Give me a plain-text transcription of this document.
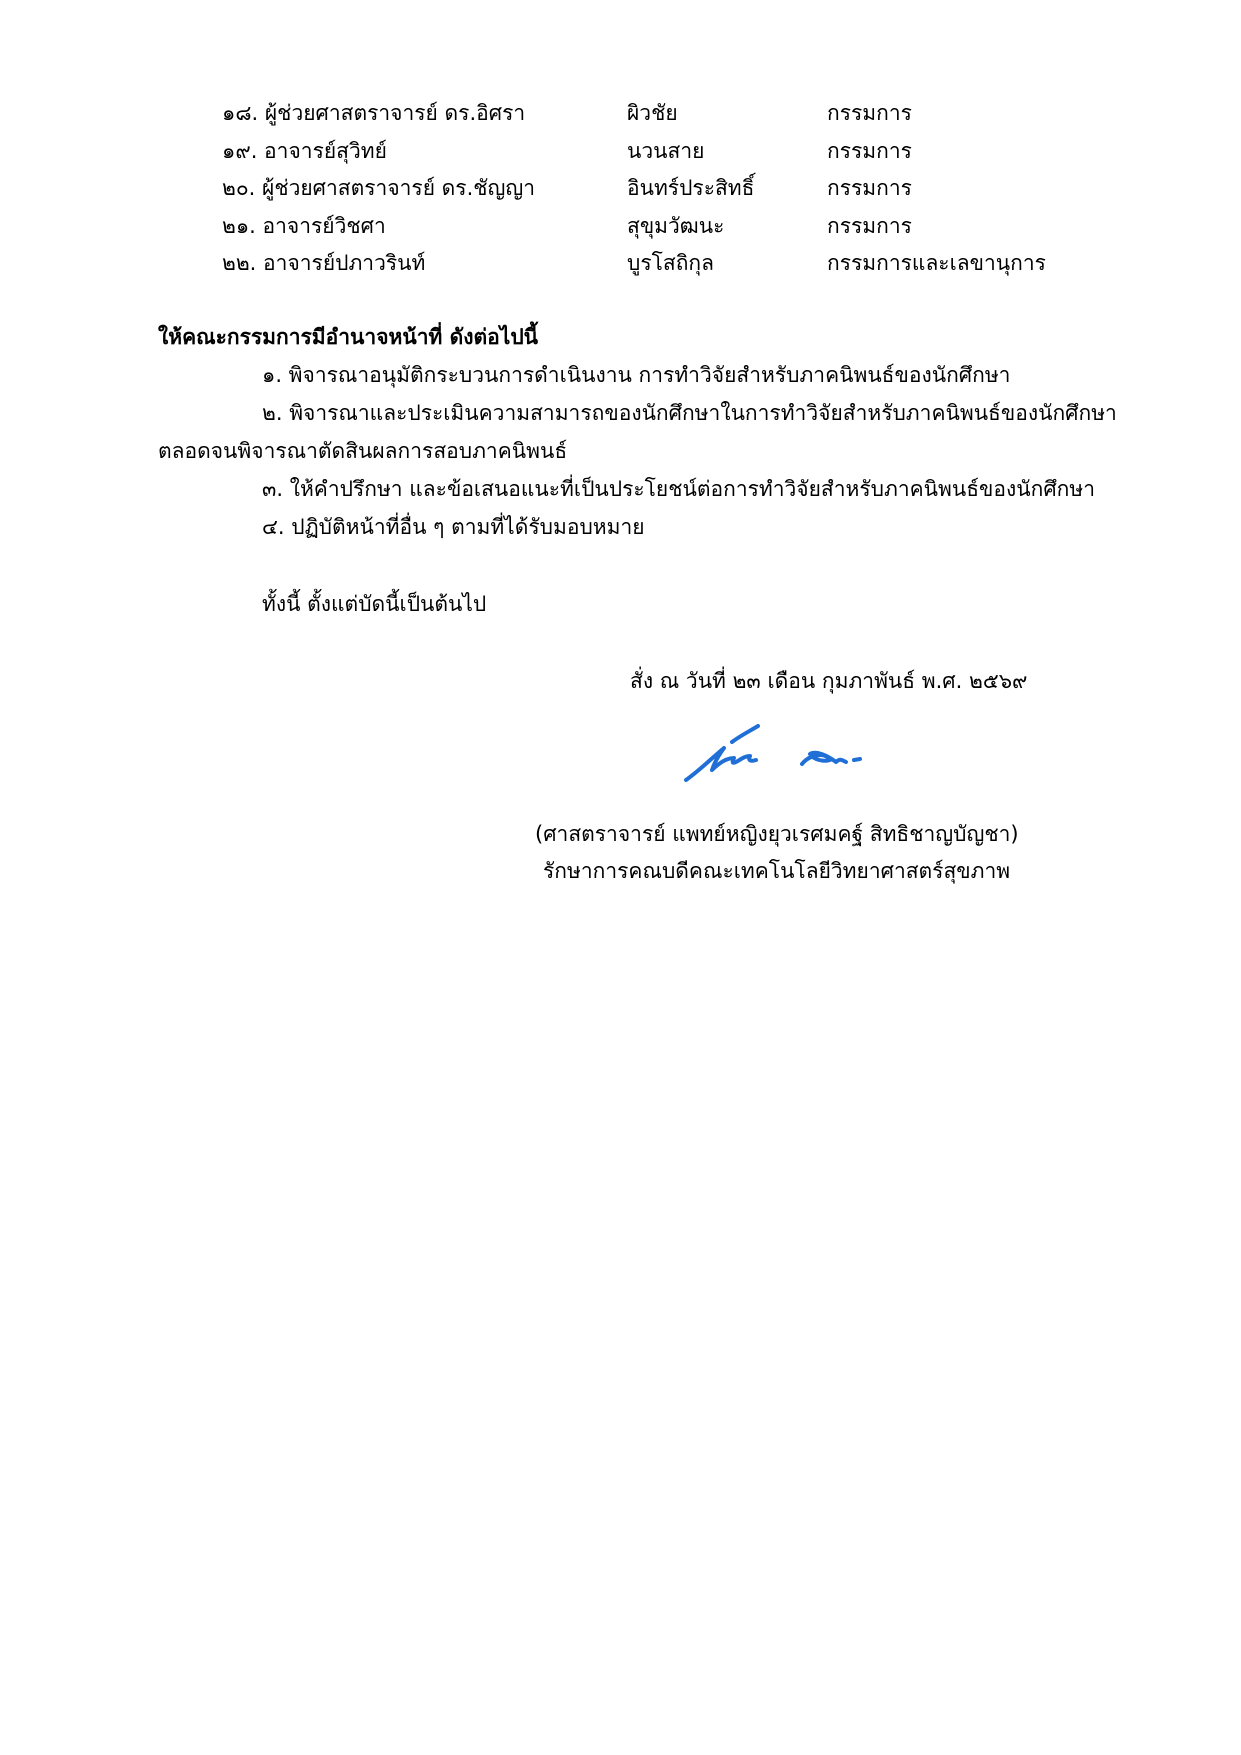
๑๘. ผู้ช่วยศาสตราจารย์ ดร.อิศรา	ผิวชัย	กรรมการ
๑๙. อาจารย์สุวิทย์	นวนสาย	กรรมการ
๒๐. ผู้ช่วยศาสตราจารย์ ดร.ชัญญา	อินทร์ประสิทธิ์	กรรมการ
๒๑. อาจารย์วิชศา	สุขุมวัฒนะ	กรรมการ
๒๒. อาจารย์ปภาวรินท์	บูรโสถิกุล	กรรมการและเลขานุการ
ให้คณะกรรมการมีอำนาจหน้าที่ ดังต่อไปนี้
๑. พิจารณาอนุมัติกระบวนการดำเนินงาน การทำวิจัยสำหรับภาคนิพนธ์ของนักศึกษา
๒. พิจารณาและประเมินความสามารถของนักศึกษาในการทำวิจัยสำหรับภาคนิพนธ์ของนักศึกษา
ตลอดจนพิจารณาตัดสินผลการสอบภาคนิพนธ์
๓. ให้คำปรึกษา และข้อเสนอแนะที่เป็นประโยชน์ต่อการทำวิจัยสำหรับภาคนิพนธ์ของนักศึกษา
๔. ปฏิบัติหน้าที่อื่น ๆ ตามที่ได้รับมอบหมาย
ทั้งนี้ ตั้งแต่บัดนี้เป็นต้นไป
สั่ง ณ วันที่ ๒๓ เดือน กุมภาพันธ์ พ.ศ. ๒๕๖๙
(ศาสตราจารย์ แพทย์หญิงยุวเรศมคฐ์ สิทธิชาญบัญชา)
รักษาการคณบดีคณะเทคโนโลยีวิทยาศาสตร์สุขภาพ
